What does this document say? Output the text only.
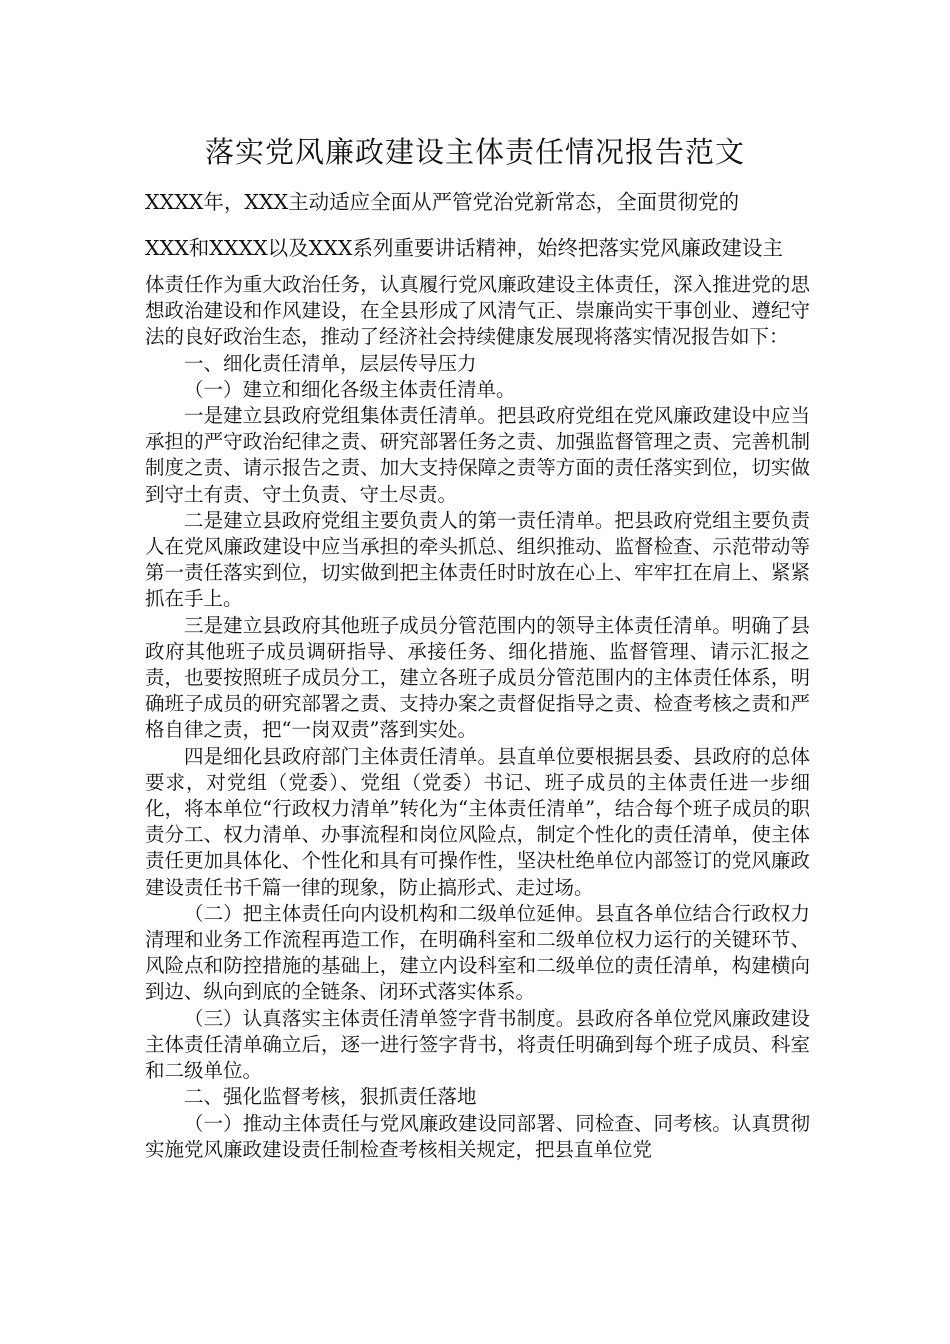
落实党风廉政建设主体责任情况报告范文
XXXX年，XXX主动适应全面从严管党治党新常态，全面贯彻党的
XXX和XXXX以及XXX系列重要讲话精神，始终把落实党风廉政建设主

体责任作为重大政治任务，认真履行党风廉政建设主体责任，深入推进党的思想政治建设和作风建设，在全县形成了风清气正、崇廉尚实干事创业、遵纪守法的良好政治生态，推动了经济社会持续健康发展现将落实情况报告如下：

一、细化责任清单，层层传导压力

（一）建立和细化各级主体责任清单。

一是建立县政府党组集体责任清单。把县政府党组在党风廉政建设中应当承担的严守政治纪律之责、研究部署任务之责、加强监督管理之责、完善机制制度之责、请示报告之责、加大支持保障之责等方面的责任落实到位，切实做到守土有责、守土负责、守土尽责。

二是建立县政府党组主要负责人的第一责任清单。把县政府党组主要负责人在党风廉政建设中应当承担的牵头抓总、组织推动、监督检查、示范带动等第一责任落实到位，切实做到把主体责任时时放在心上、牢牢扛在肩上、紧紧抓在手上。

三是建立县政府其他班子成员分管范围内的领导主体责任清单。明确了县政府其他班子成员调研指导、承接任务、细化措施、监督管理、请示汇报之责，也要按照班子成员分工，建立各班子成员分管范围内的主体责任体系，明确班子成员的研究部署之责、支持办案之责督促指导之责、检查考核之责和严格自律之责，把“一岗双责”落到实处。

四是细化县政府部门主体责任清单。县直单位要根据县委、县政府的总体要求，对党组（党委）、党组（党委）书记、班子成员的主体责任进一步细化，将本单位“行政权力清单”转化为“主体责任清单”，结合每个班子成员的职责分工、权力清单、办事流程和岗位风险点，制定个性化的责任清单，使主体责任更加具体化、个性化和具有可操作性，坚决杜绝单位内部签订的党风廉政建设责任书千篇一律的现象，防止搞形式、走过场。

（二）把主体责任向内设机构和二级单位延伸。县直各单位结合行政权力清理和业务工作流程再造工作，在明确科室和二级单位权力运行的关键环节、风险点和防控措施的基础上，建立内设科室和二级单位的责任清单，构建横向到边、纵向到底的全链条、闭环式落实体系。

（三）认真落实主体责任清单签字背书制度。县政府各单位党风廉政建设主体责任清单确立后，逐一进行签字背书，将责任明确到每个班子成员、科室和二级单位。

二、强化监督考核，狠抓责任落地

（一）推动主体责任与党风廉政建设同部署、同检查、同考核。认真贯彻实施党风廉政建设责任制检查考核相关规定，把县直单位党
